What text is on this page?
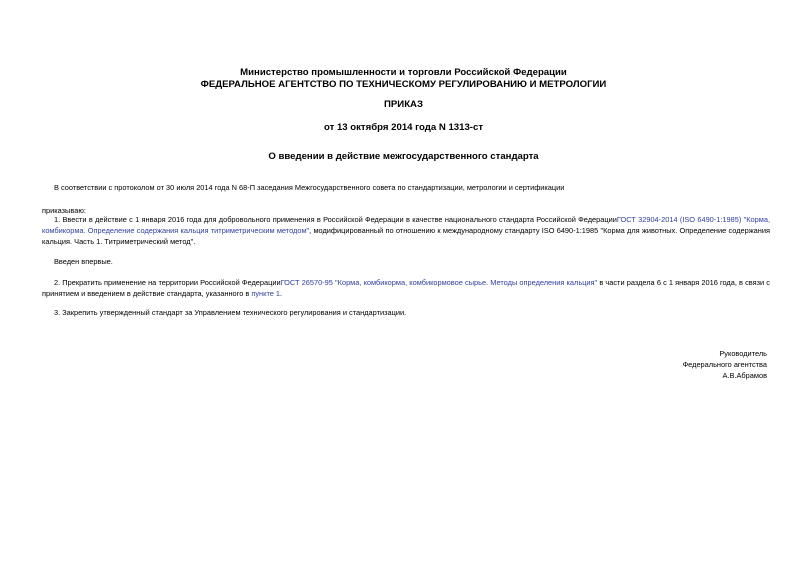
Министерство промышленности и торговли Российской Федерации
ФЕДЕРАЛЬНОЕ АГЕНТСТВО ПО ТЕХНИЧЕСКОМУ РЕГУЛИРОВАНИЮ И МЕТРОЛОГИИ
ПРИКАЗ
от 13 октября 2014 года N 1313-ст
О введении в действие межгосударственного стандарта
В соответствии с протоколом от 30 июля 2014 года N 68-П заседания Межгосударственного совета по стандартизации, метрологии и сертификации
приказываю:
1. Ввести в действие с 1 января 2016 года для добровольного применения в Российской Федерации в качестве национального стандарта Российской ФедерацииГОСТ 32904-2014 (ISO 6490-1:1985) "Корма, комбикорма. Определение содержания кальция титриметрическим методом", модифицированный по отношению к международному стандарту ISO 6490-1:1985 "Корма для животных. Определение содержания кальция. Часть 1. Титриметрический метод".
Введен впервые.
2. Прекратить применение на территории Российской ФедерацииГОСТ 26570-95 "Корма, комбикорма, комбикормовое сырье. Методы определения кальция" в части раздела 6 с 1 января 2016 года, в связи с принятием и введением в действие стандарта, указанного в пункте 1.
3. Закрепить утвержденный стандарт за Управлением технического регулирования и стандартизации.
Руководитель
Федерального агентства
А.В.Абрамов
